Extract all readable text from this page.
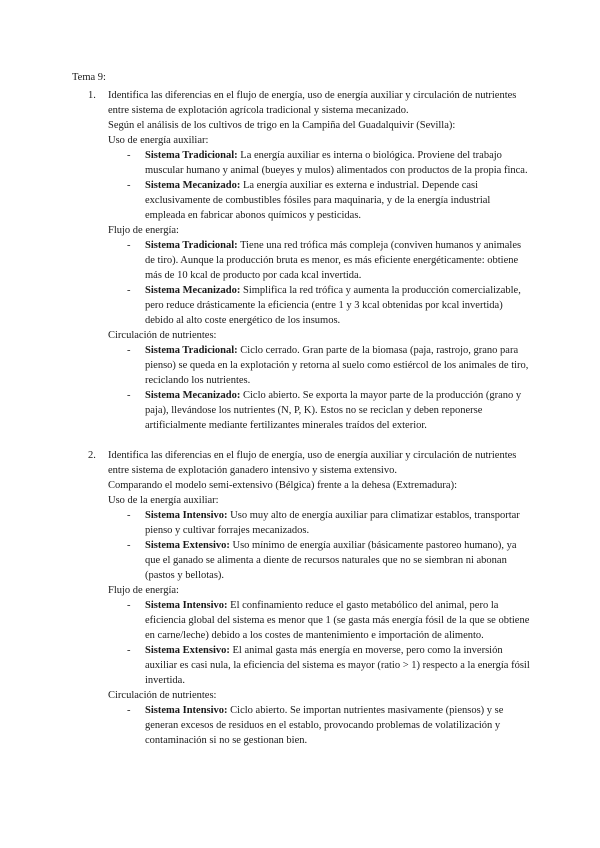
Tema 9:
1. Identifica las diferencias en el flujo de energía, uso de energía auxiliar y circulación de nutrientes entre sistema de explotación agrícola tradicional y sistema mecanizado.
Según el análisis de los cultivos de trigo en la Campiña del Guadalquivir (Sevilla):
Uso de energía auxiliar:
- Sistema Tradicional: La energía auxiliar es interna o biológica. Proviene del trabajo muscular humano y animal (bueyes y mulos) alimentados con productos de la propia finca.
- Sistema Mecanizado: La energía auxiliar es externa e industrial. Depende casi exclusivamente de combustibles fósiles para maquinaria, y de la energía industrial empleada en fabricar abonos químicos y pesticidas.
Flujo de energía:
- Sistema Tradicional: Tiene una red trófica más compleja (conviven humanos y animales de tiro). Aunque la producción bruta es menor, es más eficiente energéticamente: obtiene más de 10 kcal de producto por cada kcal invertida.
- Sistema Mecanizado: Simplifica la red trófica y aumenta la producción comercializable, pero reduce drásticamente la eficiencia (entre 1 y 3 kcal obtenidas por kcal invertida) debido al alto coste energético de los insumos.
Circulación de nutrientes:
- Sistema Tradicional: Ciclo cerrado. Gran parte de la biomasa (paja, rastrojo, grano para pienso) se queda en la explotación y retorna al suelo como estiércol de los animales de tiro, reciclando los nutrientes.
- Sistema Mecanizado: Ciclo abierto. Se exporta la mayor parte de la producción (grano y paja), llevándose los nutrientes (N, P, K). Estos no se reciclan y deben reponerse artificialmente mediante fertilizantes minerales traídos del exterior.
2. Identifica las diferencias en el flujo de energía, uso de energía auxiliar y circulación de nutrientes entre sistema de explotación ganadero intensivo y sistema extensivo.
Comparando el modelo semi-extensivo (Bélgica) frente a la dehesa (Extremadura):
Uso de la energía auxiliar:
- Sistema Intensivo: Uso muy alto de energía auxiliar para climatizar establos, transportar pienso y cultivar forrajes mecanizados.
- Sistema Extensivo: Uso mínimo de energía auxiliar (básicamente pastoreo humano), ya que el ganado se alimenta a diente de recursos naturales que no se siembran ni abonan (pastos y bellotas).
Flujo de energía:
- Sistema Intensivo: El confinamiento reduce el gasto metabólico del animal, pero la eficiencia global del sistema es menor que 1 (se gasta más energía fósil de la que se obtiene en carne/leche) debido a los costes de mantenimiento e importación de alimento.
- Sistema Extensivo: El animal gasta más energía en moverse, pero como la inversión auxiliar es casi nula, la eficiencia del sistema es mayor (ratio > 1) respecto a la energía fósil invertida.
Circulación de nutrientes:
- Sistema Intensivo: Ciclo abierto. Se importan nutrientes masivamente (piensos) y se generan excesos de residuos en el establo, provocando problemas de volatilización y contaminación si no se gestionan bien.
